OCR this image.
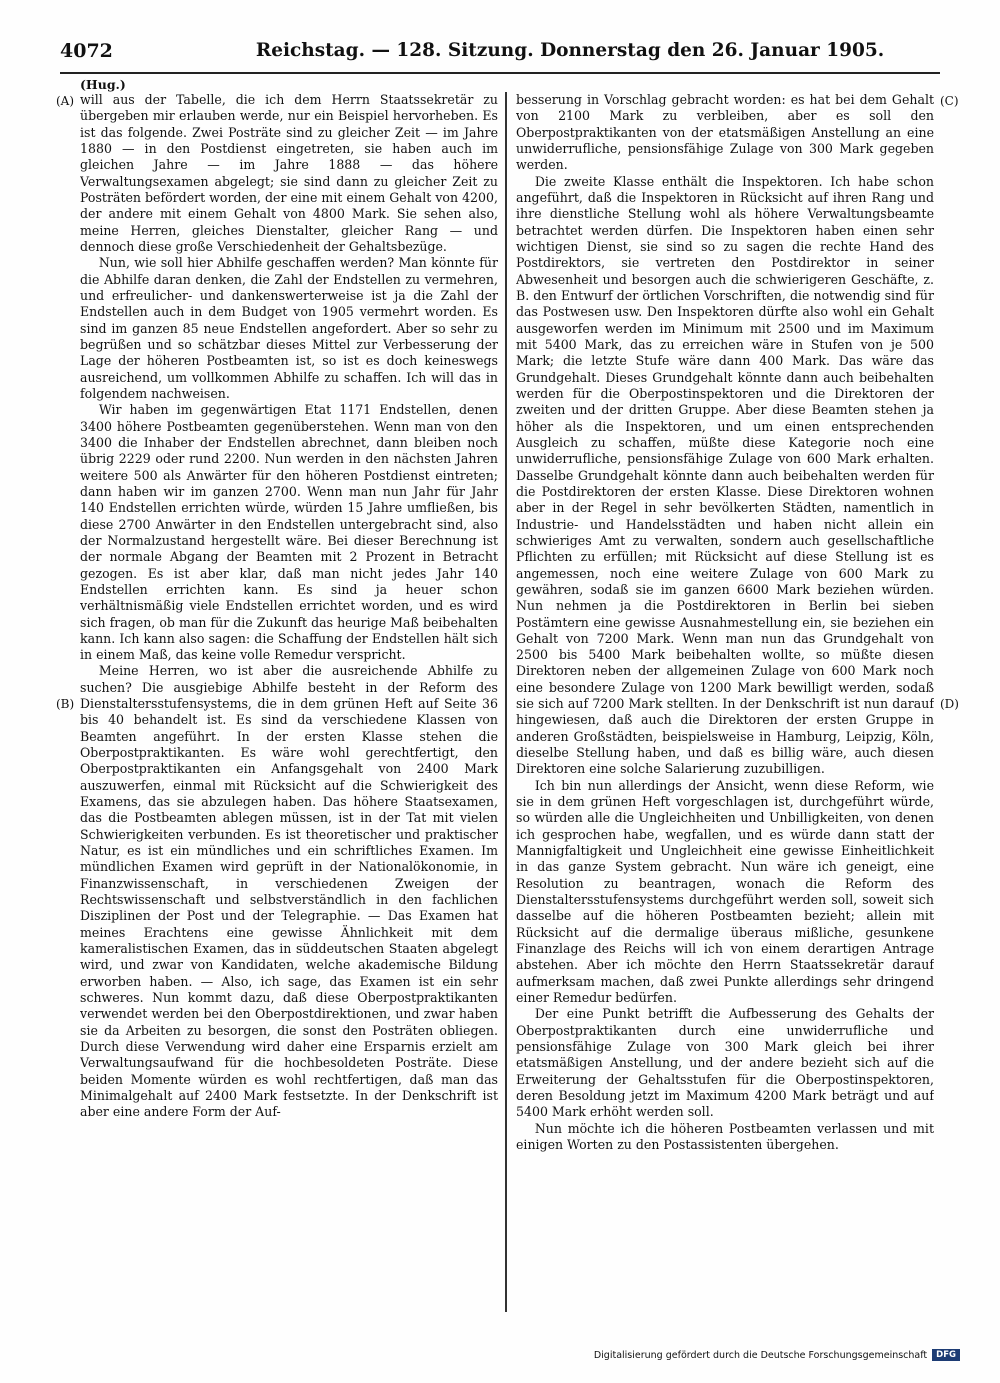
4072	Reichstag. — 128. Sitzung. Donnerstag den 26. Januar 1905.
(Hug.)
(A)
(B)
(C)
(D)

will aus der Tabelle, die ich dem Herrn Staatssekretär zu übergeben mir erlauben werde, nur ein Beispiel hervorheben. Es ist das folgende. Zwei Posträte sind zu gleicher Zeit — im Jahre 1880 — in den Postdienst eingetreten, sie haben auch im gleichen Jahre — im Jahre 1888 — das höhere Verwaltungsexamen abgelegt; sie sind dann zu gleicher Zeit zu Posträten befördert worden, der eine mit einem Gehalt von 4200, der andere mit einem Gehalt von 4800 Mark. Sie sehen also, meine Herren, gleiches Dienstalter, gleicher Rang — und dennoch diese große Verschiedenheit der Gehaltsbezüge.

Nun, wie soll hier Abhilfe geschaffen werden? Man könnte für die Abhilfe daran denken, die Zahl der Endstellen zu vermehren, und erfreulicher- und dankenswerterweise ist ja die Zahl der Endstellen auch in dem Budget von 1905 vermehrt worden. Es sind im ganzen 85 neue Endstellen angefordert. Aber so sehr zu begrüßen und so schätzbar dieses Mittel zur Verbesserung der Lage der höheren Postbeamten ist, so ist es doch keineswegs ausreichend, um vollkommen Abhilfe zu schaffen. Ich will das in folgendem nachweisen.

Wir haben im gegenwärtigen Etat 1171 Endstellen, denen 3400 höhere Postbeamten gegenüberstehen. Wenn man von den 3400 die Inhaber der Endstellen abrechnet, dann bleiben noch übrig 2229 oder rund 2200. Nun werden in den nächsten Jahren weitere 500 als Anwärter für den höheren Postdienst eintreten; dann haben wir im ganzen 2700. Wenn man nun Jahr für Jahr 140 Endstellen errichten würde, würden 15 Jahre umfließen, bis diese 2700 Anwärter in den Endstellen untergebracht sind, also der Normalzustand hergestellt wäre. Bei dieser Berechnung ist der normale Abgang der Beamten mit 2 Prozent in Betracht gezogen. Es ist aber klar, daß man nicht jedes Jahr 140 Endstellen errichten kann. Es sind ja heuer schon verhältnismäßig viele Endstellen errichtet worden, und es wird sich fragen, ob man für die Zukunft das heurige Maß beibehalten kann. Ich kann also sagen: die Schaffung der Endstellen hält sich in einem Maß, das keine volle Remedur verspricht.

Meine Herren, wo ist aber die ausreichende Abhilfe zu suchen? Die ausgiebige Abhilfe besteht in der Reform des Dienstaltersstufensystems, die in dem grünen Heft auf Seite 36 bis 40 behandelt ist. Es sind da verschiedene Klassen von Beamten angeführt. In der ersten Klasse stehen die Oberpostpraktikanten. Es wäre wohl gerechtfertigt, den Oberpostpraktikanten ein Anfangsgehalt von 2400 Mark auszuwerfen, einmal mit Rücksicht auf die Schwierigkeit des Examens, das sie abzulegen haben. Das höhere Staatsexamen, das die Postbeamten ablegen müssen, ist in der Tat mit vielen Schwierigkeiten verbunden. Es ist theoretischer und praktischer Natur, es ist ein mündliches und ein schriftliches Examen. Im mündlichen Examen wird geprüft in der Nationalökonomie, in Finanzwissenschaft, in verschiedenen Zweigen der Rechtswissenschaft und selbstverständlich in den fachlichen Disziplinen der Post und der Telegraphie. — Das Examen hat meines Erachtens eine gewisse Ähnlichkeit mit dem kameralistischen Examen, das in süddeutschen Staaten abgelegt wird, und zwar von Kandidaten, welche akademische Bildung erworben haben. — Also, ich sage, das Examen ist ein sehr schweres. Nun kommt dazu, daß diese Oberpostpraktikanten verwendet werden bei den Oberpostdirektionen, und zwar haben sie da Arbeiten zu besorgen, die sonst den Posträten obliegen. Durch diese Verwendung wird daher eine Ersparnis erzielt am Verwaltungsaufwand für die hochbesoldeten Posträte. Diese beiden Momente würden es wohl rechtfertigen, daß man das Minimalgehalt auf 2400 Mark festsetzte. In der Denkschrift ist aber eine andere Form der Auf-

besserung in Vorschlag gebracht worden: es hat bei dem Gehalt von 2100 Mark zu verbleiben, aber es soll den Oberpostpraktikanten von der etatsmäßigen Anstellung an eine unwiderrufliche, pensionsfähige Zulage von 300 Mark gegeben werden.

Die zweite Klasse enthält die Inspektoren. Ich habe schon angeführt, daß die Inspektoren in Rücksicht auf ihren Rang und ihre dienstliche Stellung wohl als höhere Verwaltungsbeamte betrachtet werden dürfen. Die Inspektoren haben einen sehr wichtigen Dienst, sie sind so zu sagen die rechte Hand des Postdirektors, sie vertreten den Postdirektor in seiner Abwesenheit und besorgen auch die schwierigeren Geschäfte, z. B. den Entwurf der örtlichen Vorschriften, die notwendig sind für das Postwesen usw. Den Inspektoren dürfte also wohl ein Gehalt ausgeworfen werden im Minimum mit 2500 und im Maximum mit 5400 Mark, das zu erreichen wäre in Stufen von je 500 Mark; die letzte Stufe wäre dann 400 Mark. Das wäre das Grundgehalt. Dieses Grundgehalt könnte dann auch beibehalten werden für die Oberpostinspektoren und die Direktoren der zweiten und der dritten Gruppe. Aber diese Beamten stehen ja höher als die Inspektoren, und um einen entsprechenden Ausgleich zu schaffen, müßte diese Kategorie noch eine unwiderrufliche, pensionsfähige Zulage von 600 Mark erhalten. Dasselbe Grundgehalt könnte dann auch beibehalten werden für die Postdirektoren der ersten Klasse. Diese Direktoren wohnen aber in der Regel in sehr bevölkerten Städten, namentlich in Industrie- und Handelsstädten und haben nicht allein ein schwieriges Amt zu verwalten, sondern auch gesellschaftliche Pflichten zu erfüllen; mit Rücksicht auf diese Stellung ist es angemessen, noch eine weitere Zulage von 600 Mark zu gewähren, sodaß sie im ganzen 6600 Mark beziehen würden. Nun nehmen ja die Postdirektoren in Berlin bei sieben Postämtern eine gewisse Ausnahmestellung ein, sie beziehen ein Gehalt von 7200 Mark. Wenn man nun das Grundgehalt von 2500 bis 5400 Mark beibehalten wollte, so müßte diesen Direktoren neben der allgemeinen Zulage von 600 Mark noch eine besondere Zulage von 1200 Mark bewilligt werden, sodaß sie sich auf 7200 Mark stellten. In der Denkschrift ist nun darauf hingewiesen, daß auch die Direktoren der ersten Gruppe in anderen Großstädten, beispielsweise in Hamburg, Leipzig, Köln, dieselbe Stellung haben, und daß es billig wäre, auch diesen Direktoren eine solche Salarierung zuzubilligen.

Ich bin nun allerdings der Ansicht, wenn diese Reform, wie sie in dem grünen Heft vorgeschlagen ist, durchgeführt würde, so würden alle die Ungleichheiten und Unbilligkeiten, von denen ich gesprochen habe, wegfallen, und es würde dann statt der Mannigfaltigkeit und Ungleichheit eine gewisse Einheitlichkeit in das ganze System gebracht. Nun wäre ich geneigt, eine Resolution zu beantragen, wonach die Reform des Dienstaltersstufensystems durchgeführt werden soll, soweit sich dasselbe auf die höheren Postbeamten bezieht; allein mit Rücksicht auf die dermalige überaus mißliche, gesunkene Finanzlage des Reichs will ich von einem derartigen Antrage abstehen. Aber ich möchte den Herrn Staatssekretär darauf aufmerksam machen, daß zwei Punkte allerdings sehr dringend einer Remedur bedürfen.

Der eine Punkt betrifft die Aufbesserung des Gehalts der Oberpostpraktikanten durch eine unwiderrufliche und pensionsfähige Zulage von 300 Mark gleich bei ihrer etatsmäßigen Anstellung, und der andere bezieht sich auf die Erweiterung der Gehaltsstufen für die Oberpostinspektoren, deren Besoldung jetzt im Maximum 4200 Mark beträgt und auf 5400 Mark erhöht werden soll.

Nun möchte ich die höheren Postbeamten verlassen und mit einigen Worten zu den Postassistenten übergehen.

Digitalisierung gefördert durch die Deutsche Forschungsgemeinschaft	DFG
